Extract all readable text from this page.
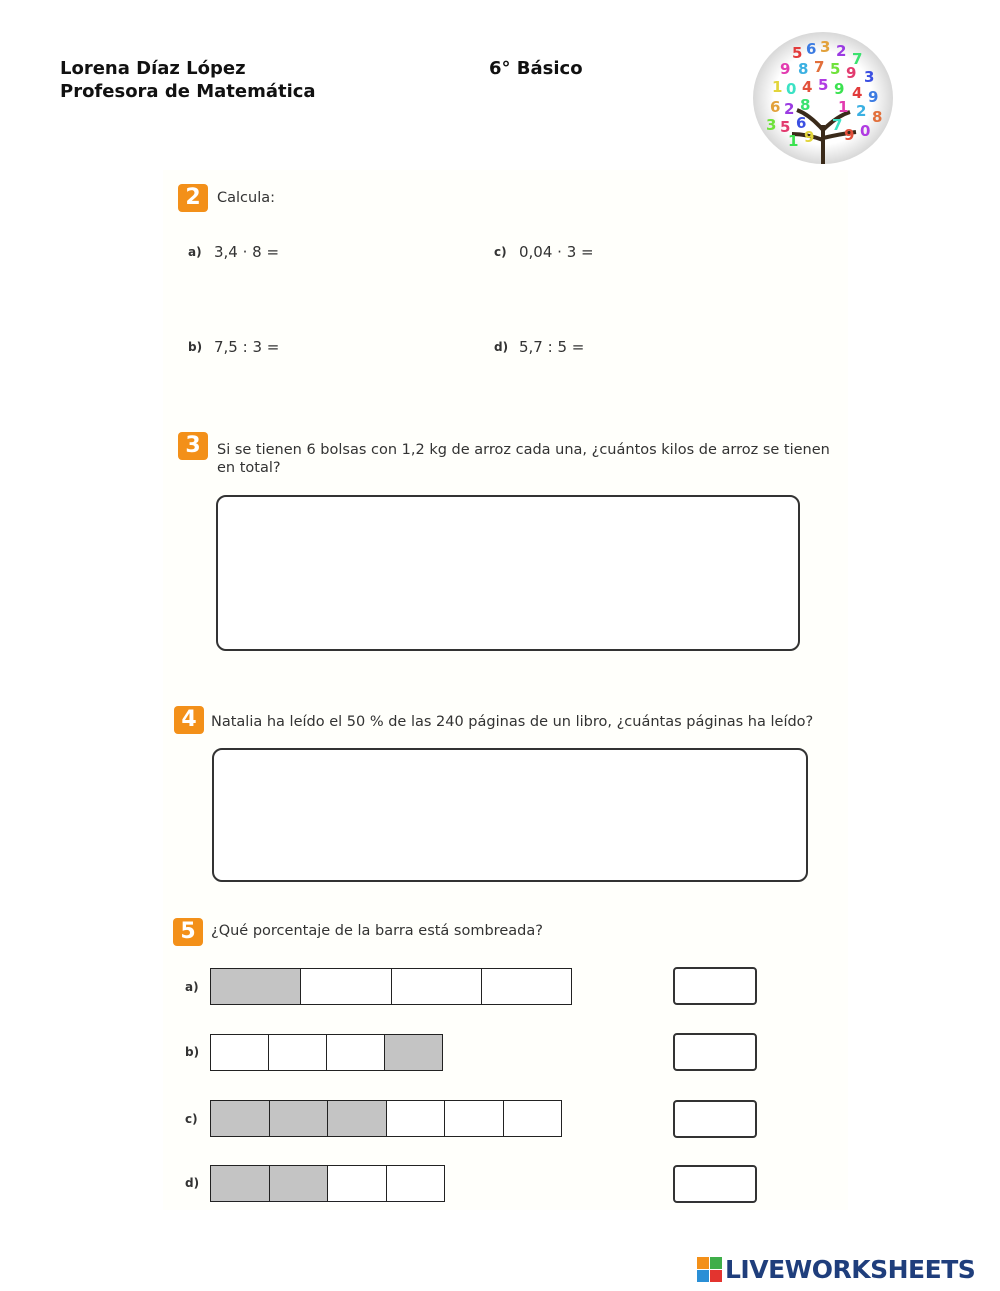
Lorena Díaz López
Profesora de Matemática
6° Básico
5 6 3 2 7
9 8 7 5 9 3
1 0 4 5 9 4 9
6 2 8 1 2 8
3 5 6
9
7
9 0
1
2	Calcula:
a) 3,4 · 8 =
b) 7,5 : 3 =
c) 0,04 · 3 =
d) 5,7 : 5 =
3	Si se tienen 6 bolsas con 1,2 kg de arroz cada una, ¿cuántos kilos de arroz se tienen
en total?
4 Natalia ha leído el 50 % de las 240 páginas de un libro, ¿cuántas páginas ha leído?
5	¿Qué porcentaje de la barra está sombreada?
a)
b)
c)
d)
LIVEWORKSHEETS
